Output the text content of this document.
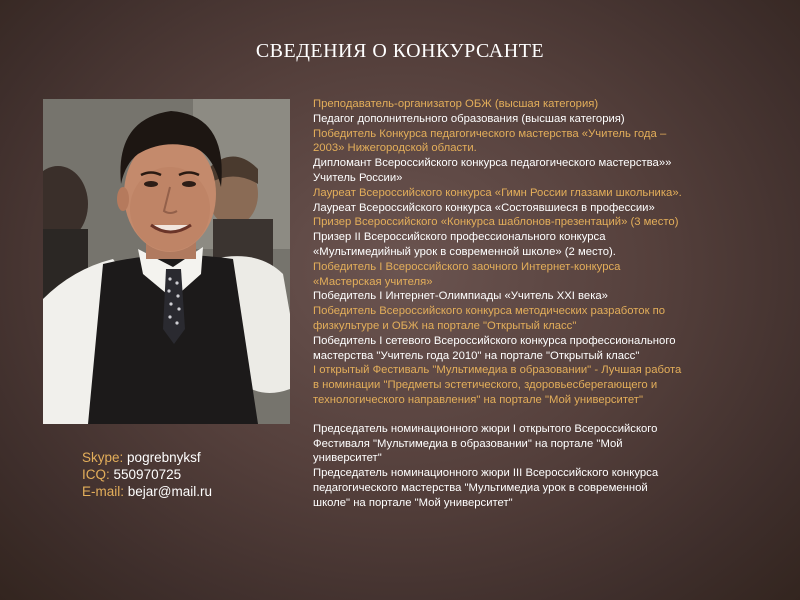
СВЕДЕНИЯ О КОНКУРСАНТЕ
Skype: pogrebnyksf
ICQ: 550970725
E-mail: bejar@mail.ru

Преподаватель-организатор ОБЖ (высшая категория)

Педагог дополнительного образования (высшая категория)

Победитель Конкурса педагогического мастерства «Учитель года –

2003» Нижегородской области.

Дипломант Всероссийского конкурса педагогического мастерства»»

Учитель России»

Лауреат Всероссийского конкурса «Гимн России глазами школьника».

Лауреат Всероссийского конкурса «Состоявшиеся в профессии»

Призер Всероссийского «Конкурса шаблонов-презентаций» (3 место)

Призер II Всероссийского профессионального конкурса

«Мультимедийный урок в современной школе» (2 место).

Победитель I Всероссийского заочного Интернет-конкурса

«Мастерская учителя»

Победитель I Интернет-Олимпиады «Учитель XXI века»

Победитель Всероссийского конкурса методических разработок по

физкультуре и ОБЖ на портале "Открытый класс"

Победитель I сетевого Всероссийского конкурса профессионального

мастерства "Учитель года 2010" на портале "Открытый класс"

I открытый Фестиваль "Мультимедиа в образовании" - Лучшая работа

в номинации "Предметы эстетического, здоровьесберегающего и

технологического направления" на портале "Мой университет"

Председатель номинационного жюри I открытого Всероссийского

Фестиваля "Мультимедиа в образовании" на портале "Мой

университет"

Председатель номинационного жюри III Всероссийского конкурса

педагогического мастерства "Мультимедиа урок в современной

школе" на портале "Мой университет"
